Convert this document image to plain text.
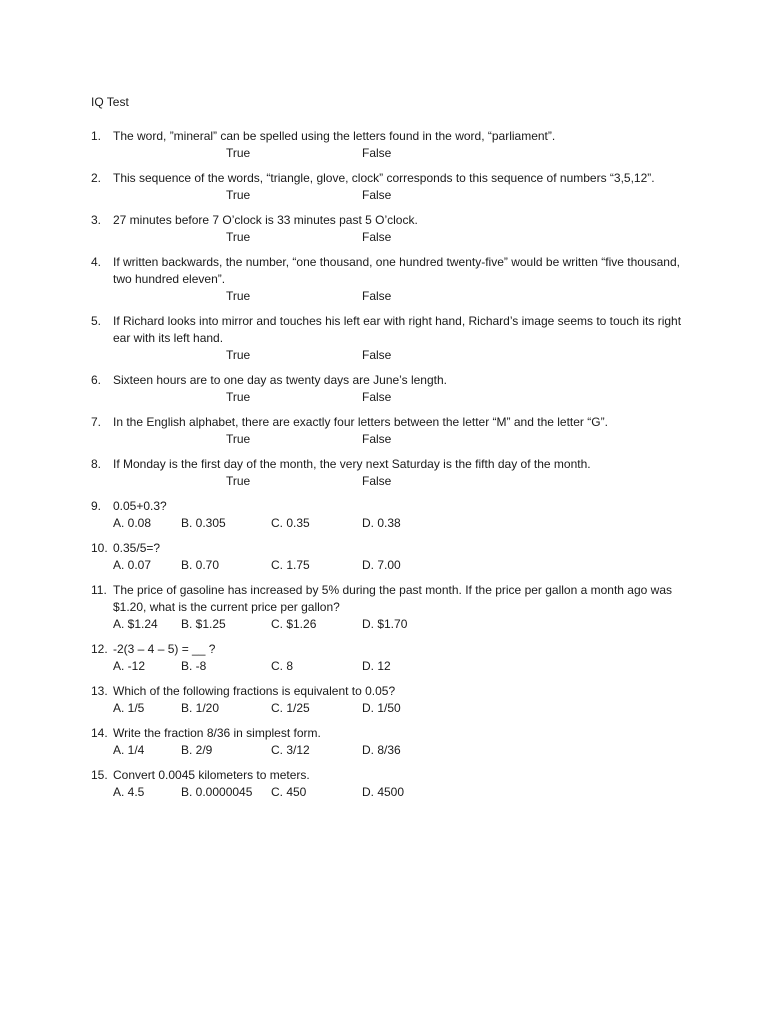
IQ Test
1. The word, ”mineral” can be spelled using the letters found in the word, “parliament”.
True	False
2. This sequence of the words, “triangle, glove, clock” corresponds to this sequence of numbers “3,5,12”.
True	False
3. 27 minutes before 7 O’clock is 33 minutes past 5 O’clock.
True	False
4. If written backwards, the number, “one thousand, one hundred twenty-five” would be written “five thousand, two hundred eleven”.
True	False
5. If Richard looks into mirror and touches his left ear with right hand, Richard’s image seems to touch its right ear with its left hand.
True	False
6. Sixteen hours are to one day as twenty days are June’s length.
True	False
7. In the English alphabet, there are exactly four letters between the letter “M” and the letter “G”.
True	False
8. If Monday is the first day of the month, the very next Saturday is the fifth day of the month.
True	False
9. 0.05+0.3?
A. 0.08 B. 0.305	C. 0.35	D. 0.38
10. 0.35/5=?
A. 0.07 B. 0.70	C. 1.75	D. 7.00
11. The price of gasoline has increased by 5% during the past month. If the price per gallon a month ago was $1.20, what is the current price per gallon?
A. $1.24 B. $1.25	C. $1.26	D. $1.70
12. -2(3 – 4 – 5) = __ ?
A. -12	B. -8	C. 8	D. 12
13. Which of the following fractions is equivalent to 0.05?
A. 1/5	B. 1/20	C. 1/25	D. 1/50
14. Write the fraction 8/36 in simplest form.
A. 1/4	B. 2/9	C. 3/12	D. 8/36
15. Convert 0.0045 kilometers to meters.
A. 4.5	B. 0.0000045 C. 450	D. 4500
